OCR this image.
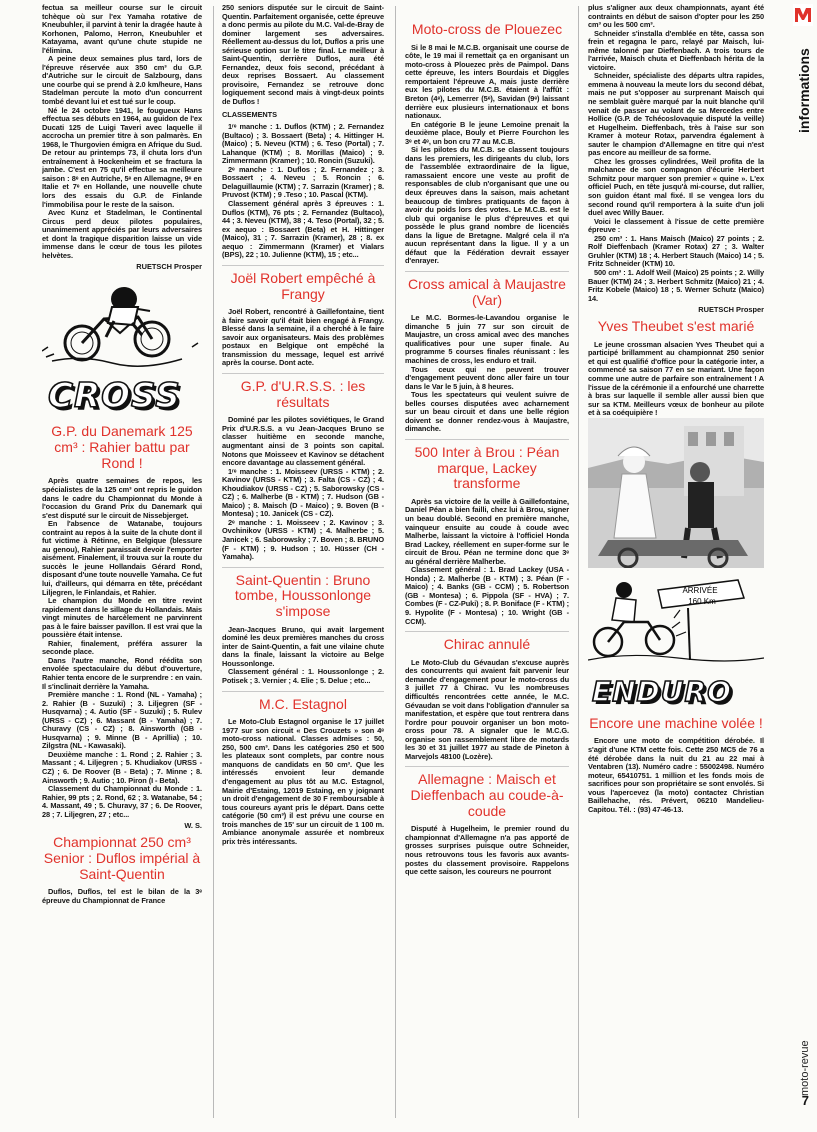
fectua sa meilleur course sur le circuit tchèque où sur l'ex Yamaha rotative de Kneubuhler, il parvint à tenir la dragée haute à Korhonen, Palomo, Herron, Kneubuhler et Katayama, avant qu'une chute stupide ne l'élimina.

A peine deux semaines plus tard, lors de l'épreuve réservée aux 350 cm³ du G.P. d'Autriche sur le circuit de Salzbourg, dans une courbe qui se prend à 2.0 km/heure, Hans Stadelman percute la moto d'un concurrent tombé devant lui et est tué sur le coup.

Né le 24 octobre 1941, le fougueux Hans effectua ses débuts en 1964, au guidon de l'ex Ducati 125 de Luigi Taveri avec laquelle il accrocha un premier titre à son palmarès. En 1968, le Thurgovien émigra en Afrique du Sud. De retour au printemps 73, il chuta lors d'un entraînement à Hockenheim et se fractura la jambe. C'est en 75 qu'il effectue sa meilleure saison : 8ᵉ en Autriche, 5ᵉ en Allemagne, 9ᵉ en Italie et 7ᵉ en Hollande, une nouvelle chute lors des essais du G.P. de Finlande l'immobilisa pour le reste de la saison.

Avec Kunz et Stadelman, le Continental Circus perd deux pilotes populaires, unanimement appréciés par leurs adversaires et dont la tragique disparition laisse un vide immense dans le cœur de tous les pilotes helvètes.

RUETSCH Prosper
CROSS
G.P. du Danemark 125 cm³ : Rahier battu par Rond !

Après quatre semaines de repos, les spécialistes de la 125 cm³ ont repris le guidon dans le cadre du Championnat du Monde à l'occasion du Grand Prix du Danemark qui s'est disputé sur le circuit de Nissebjerget.

En l'absence de Watanabe, toujours contraint au repos à la suite de la chute dont il fut victime à Rétinne, en Belgique (blessure au genou), Rahier paraissait devoir l'emporter aisément. Finalement, il trouva sur la route du succès le jeune Hollandais Gérard Rond, disposant d'une toute nouvelle Yamaha. Ce fut lui, d'ailleurs, qui démarra en tête, précédant Liljegren, le Finlandais, et Rahier.

Le champion du Monde en titre revint rapidement dans le sillage du Hollandais. Mais vingt minutes de harcèlement ne parvinrent pas à le faire baisser pavillon. Il est vrai que la poussière était intense.

Rahier, finalement, préféra assurer la seconde place.

Dans l'autre manche, Rond réédita son envolée spectaculaire du début d'ouverture, Rahier tenta encore de le surprendre : en vain. Il s'inclinait derrière la Yamaha.

Première manche : 1. Rond (NL - Yamaha) ; 2. Rahier (B - Suzuki) ; 3. Liljegren (SF - Husqvarna) ; 4. Autio (SF - Suzuki) ; 5. Rulev (URSS - CZ) ; 6. Massant (B - Yamaha) ; 7. Churavy (CS - CZ) ; 8. Ainsworth (GB - Husqvarna) ; 9. Minne (B - Aprillia) ; 10. Zilgstra (NL - Kawasaki).

Deuxième manche : 1. Rond ; 2. Rahier ; 3. Massant ; 4. Liljegren ; 5. Khudiakov (URSS - CZ) ; 6. De Roover (B - Beta) ; 7. Minne ; 8. Ainsworth ; 9. Autio ; 10. Piron (I - Beta).

Classement du Championnat du Monde : 1. Rahier, 99 pts ; 2. Rond, 62 ; 3. Watanabe, 54 ; 4. Massant, 49 ; 5. Churavy, 37 ; 6. De Roover, 28 ; 7. Liljegren, 27 ; etc...

W. S.
Championnat 250 cm³ Senior : Duflos impérial à Saint-Quentin

Duflos, Duflos, tel est le bilan de la 3ᵉ épreuve du Championnat de France

250 seniors disputée sur le circuit de Saint-Quentin. Parfaitement organisée, cette épreuve a donc permis au pilote du M.C. Val-de-Bray de dominer largement ses adversaires. Réellement au-dessus du lot, Duflos a pris une sérieuse option sur le titre final. Le meilleur à Saint-Quentin, derrière Duflos, aura été Fernandez, deux fois second, précédant à deux reprises Bossaert. Au classement provisoire, Fernandez se retrouve donc logiquement second mais à vingt-deux points de Duflos !

CLASSEMENTS

1ʳᵉ manche : 1. Duflos (KTM) ; 2. Fernandez (Bultaco) ; 3. Bossaert (Beta) ; 4. Hittinger H. (Maico) ; 5. Neveu (KTM) ; 6. Teso (Portal) ; 7. Lahanque (KTM) ; 8. Morillas (Maico) ; 9. Zimmermann (Kramer) ; 10. Roncin (Suzuki).

2ᵉ manche : 1. Duflos ; 2. Fernandez ; 3. Bossaert ; 4. Neveu ; 5. Roncin ; 6. Delaguillaumie (KTM) ; 7. Sarrazin (Kramer) ; 8. Pruvost (KTM) ; 9 .Teso ; 10. Pascal (KTM).

Classement général après 3 épreuves : 1. Duflos (KTM), 76 pts ; 2. Fernandez (Bultaco), 44 ; 3. Neveu (KTM), 38 ; 4. Teso (Portal), 32 ; 5. ex aequo : Bossaert (Beta) et H. Hittinger (Maico), 31 ; 7. Sarrazin (Kramer), 28 ; 8. ex aequo : Zimmermann (Kramer) et Vialars (BPS), 22 ; 10. Julienne (KTM), 15 ; etc...

Joël Robert empêché à Frangy

Joël Robert, rencontré à Gaillefontaine, tient à faire savoir qu'il était bien engagé à Frangy. Blessé dans la semaine, il a cherché à le faire savoir aux organisateurs. Mais des problèmes postaux en Belgique ont empêché la transmission du message, lequel est arrivé après la course. Dont acte.

G.P. d'U.R.S.S. : les résultats

Dominé par les pilotes soviétiques, le Grand Prix d'U.R.S.S. a vu Jean-Jacques Bruno se classer huitième en seconde manche, augmentant ainsi de 3 points son capital. Notons que Moisseev et Kavinov se détachent encore davantage au classement général.

1ʳᵉ manche : 1. Moisseev (URSS - KTM) ; 2. Kavinov (URSS - KTM) ; 3. Falta (CS - CZ) ; 4. Khoudiakov (URSS - CZ) ; 5. Saborowsky (CS - CZ) ; 6. Malherbe (B - KTM) ; 7. Hudson (GB - Maico) ; 8. Maisch (D - Maico) ; 9. Boven (B - Montesa) ; 10. Janicek (CS - CZ).

2ᵉ manche : 1. Moisseev ; 2. Kavinov ; 3. Ovchinikov (URSS - KTM) ; 4. Malherbe ; 5. Janicek ; 6. Saborowsky ; 7. Boven ; 8. BRUNO (F - KTM) ; 9. Hudson ; 10. Hüsser (CH - Yamaha).

Saint-Quentin : Bruno tombe, Houssonlonge s'impose

Jean-Jacques Bruno, qui avait largement dominé les deux premières manches du cross inter de Saint-Quentin, a fait une vilaine chute dans la finale, laissant la victoire au Belge Houssonlonge.

Classement général : 1. Houssonlonge ; 2. Potisek ; 3. Vernier ; 4. Elie ; 5. Delue ; etc...

M.C. Estagnol

Le Moto-Club Estagnol organise le 17 juillet 1977 sur son circuit « Des Crouzets » son 4ᵉ moto-cross national. Classes admises : 50, 250, 500 cm³. Dans les catégories 250 et 500 les plateaux sont complets, par contre nous manquons de candidats en 50 cm³. Que les intéressés envoient leur demande d'engagement au plus tôt au M.C. Estagnol, Mairie d'Estaing, 12019 Estaing, en y joignant un droit d'engagement de 30 F remboursable à tous coureurs ayant pris le départ. Dans cette catégorie (50 cm³) il est prévu une course en trois manches de 15' sur un circuit de 1 100 m. Ambiance anonymale assurée et nombreux prix très intéressants.

Moto-cross de Plouezec

Si le 8 mai le M.C.B. organisait une course de côte, le 19 mai il remettait ça en organisant un moto-cross à Plouezec près de Paimpol. Dans cette épreuve, les inters Bourdais et Diggles remportaient l'épreuve A, mais juste derrière eux les pilotes du M.C.B. étaient à l'affût : Breton (4ᵉ), Lemerrer (5ᵉ), Savidan (9ᵉ) laissant derrière eux plusieurs internationaux et bons nationaux.

En catégorie B le jeune Lemoine prenait la deuxième place, Bouly et Pierre Fourchon les 3ᵉ et 4ᵉ, un bon cru 77 au M.C.B.

Si les pilotes du M.C.B. se classent toujours dans les premiers, les dirigeants du club, lors de l'assemblée extraordinaire de la ligue, ramassaient encore une veste au profit de responsables de club n'organisant que une ou deux épreuves dans la saison, mais achetant beaucoup de timbres pratiquants de façon à avoir du poids lors des votes. Le M.C.B. est le club qui organise le plus d'épreuves et qui possède le plus grand nombre de licenciés dans la ligue de Bretagne. Malgré cela il n'a aucun représentant dans la ligue. Il y a un défaut que la Fédération devrait essayer d'enrayer.

Cross amical à Maujastre (Var)

Le M.C. Bormes-le-Lavandou organise le dimanche 5 juin 77 sur son circuit de Maujastre, un cross amical avec des manches qualificatives pour une super finale. Au programme 5 courses finales réunissant : les machines de cross, les enduro et trail.

Tous ceux qui ne peuvent trouver d'engagement peuvent donc aller faire un tour dans le Var le 5 juin, à 8 heures.

Tous les spectateurs qui veulent suivre de belles courses disputées avec acharnement sur un beau circuit et dans une belle région doivent se donner rendez-vous à Maujastre, dimanche.

500 Inter à Brou : Péan marque, Lackey transforme

Après sa victoire de la veille à Gaillefontaine, Daniel Péan a bien failli, chez lui à Brou, signer un beau doublé. Second en première manche, vainqueur ensuite au coude à coude avec Malherbe, laissant la victoire à l'officiel Honda Brad Lackey, réellement en super-forme sur le circuit de Brou. Péan ne termine donc que 3ᵉ au général derrière Malherbe.

Classement général : 1. Brad Lackey (USA - Honda) ; 2. Malherbe (B - KTM) ; 3. Péan (F - Maico) ; 4. Banks (GB - CCM) ; 5. Robertson (GB - Montesa) ; 6. Pippola (SF - HVA) ; 7. Combes (F - CZ-Puki) ; 8. P. Boniface (F - KTM) ; 9. Hypolite (F - Montesa) ; 10. Wright (GB - CCM).

Chirac annulé

Le Moto-Club du Gévaudan s'excuse auprès des concurrents qui avaient fait parvenir leur demande d'engagement pour le moto-cross du 3 juillet 77 à Chirac. Vu les nombreuses difficultés rencontrées cette année, le M.C. Gévaudan se voit dans l'obligation d'annuler sa manifestation, et espère que tout rentrera dans l'ordre pour pouvoir organiser un bon moto-cross pour 78. A signaler que le M.C.G. organise son rassemblement libre de motards les 30 et 31 juillet 1977 au stade de Pineton à Marvejols 48100 (Lozère).

Allemagne : Maisch et Dieffenbach au coude-à-coude

Disputé à Hugelheim, le premier round du championnat d'Allemagne n'a pas apporté de grosses surprises puisque outre Schneider, nous retrouvons tous les favoris aux avants-postes du classement provisoire. Rappelons que cette saison, les coureurs ne pourront

plus s'aligner aux deux championnats, ayant été contraints en début de saison d'opter pour les 250 cm³ ou les 500 cm³.

Schneider s'installa d'emblée en tête, cassa son frein et regagna le parc, relayé par Maisch, lui-même talonné par Dieffenbach. A trois tours de l'arrivée, Maisch chuta et Dieffenbach hérita de la victoire.

Schneider, spécialiste des départs ultra rapides, emmena à nouveau la meute lors du second débat, mais ne put s'opposer au surprenant Maisch qui ne semblait guère marqué par la nuit blanche qu'il venait de passer au volant de sa Mercedes entre Hollice (G.P. de Tchécoslovaquie disputé la veille) et Hugelheim. Dieffenbach, très à l'aise sur son Kramer à moteur Rotax, parvendra également à sauter le champion d'Allemagne en titre qui n'est pas encore au meilleur de sa forme.

Chez les grosses cylindrées, Weil profita de la malchance de son compagnon d'écurie Herbert Schmitz pour marquer son premier « quine ». L'ex officiel Puch, en tête jusqu'à mi-course, dut rallier, son guidon étant mal fixé. Il se vengea lors du second round qu'il remportera à la suite d'un joli duel avec Willy Bauer.

Voici le classement à l'issue de cette première épreuve :

250 cm³ : 1. Hans Maisch (Maico) 27 points ; 2. Rolf Dieffenbach (Kramer Rotax) 27 ; 3. Walter Gruhler (KTM) 18 ; 4. Herbert Stauch (Maico) 14 ; 5. Fritz Schneider (KTM) 10.

500 cm³ : 1. Adolf Weil (Maico) 25 points ; 2. Willy Bauer (KTM) 24 ; 3. Herbert Schmitz (Maico) 21 ; 4. Fritz Kobele (Maico) 18 ; 5. Werner Schutz (Maico) 14.

RUETSCH Prosper
Yves Theubet s'est marié

Le jeune crossman alsacien Yves Theubet qui a participé brillamment au championnat 250 senior et qui est qualifié d'office pour la catégorie inter, a commencé sa saison 77 en se mariant. Une façon comme une autre de parfaire son entraînement ! A l'issue de la cérémonie il a enfourché une charrette à bras sur laquelle il semble aller aussi bien que sur sa KTM. Meilleurs vœux de bonheur au pilote et à sa coéquipière !

ARRIVÉE
160 Km
ENDURO
Encore une machine volée !

Encore une moto de compétition dérobée. Il s'agit d'une KTM cette fois. Cette 250 MC5 de 76 a été dérobée dans la nuit du 21 au 22 mai à Ventabren (13). Numéro cadre : 55002498. Numéro moteur, 65410751. 1 million et les fonds mois de sacrifices pour son propriétaire se sont envolés. Si vous l'apercevez (la moto) contactez Christian Baillehache, rés. Prévert, 06210 Mandelieu-Capitou. Tél. : (93) 47-46-13.

informations
moto-revue
7
